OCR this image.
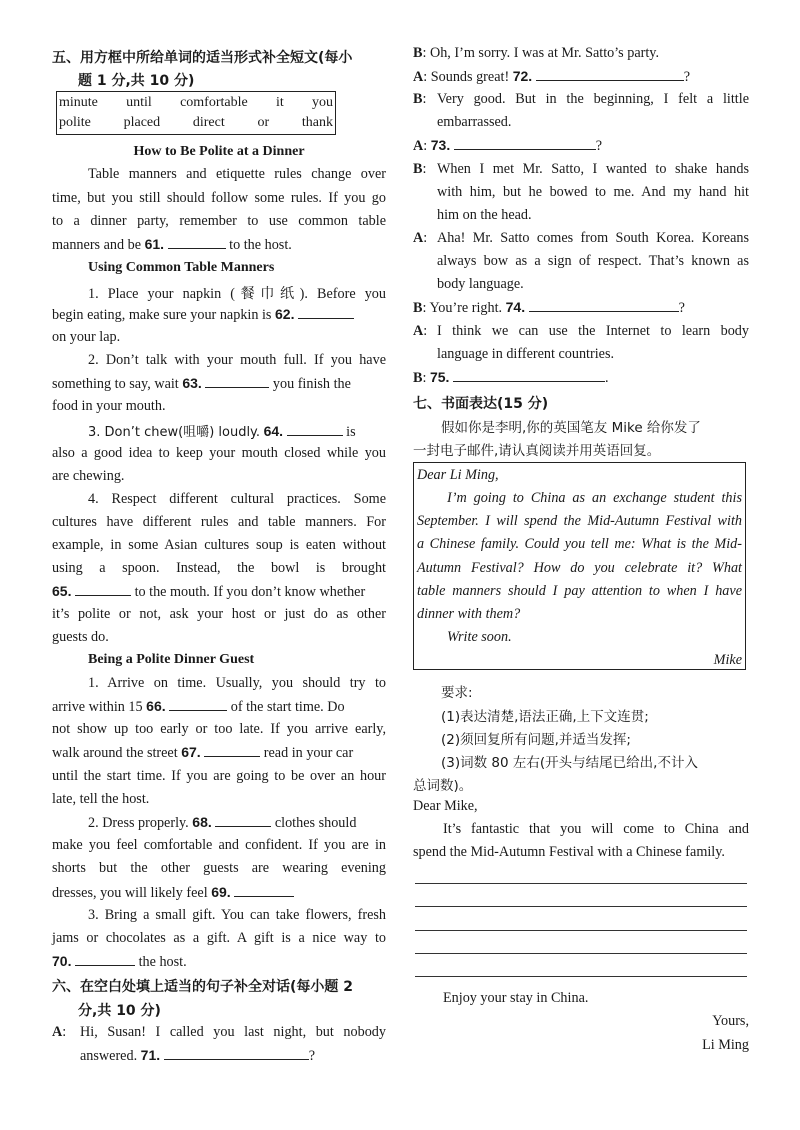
五、用方框中所给单词的适当形式补全短文(每小
题 1 分,共 10 分)
How to Be Polite at a Dinner
Table manners and etiquette rules change over
time, but you still should follow some rules. If you go
to a dinner party, remember to use common table
manners and be 61.	to the host.
Using Common Table Manners
1. Place your napkin (餐巾纸). Before you
begin eating, make sure your napkin is 62.
on your lap.
2. Don’t talk with your mouth full. If you have
something to say, wait 63.	you finish the
food in your mouth.
3. Don’t chew(咀嚼) loudly. 64.	is
also a good idea to keep your mouth closed while you
are chewing.
4. Respect different cultural practices. Some
cultures have different rules and table manners. For
example, in some Asian cultures soup is eaten without
using a spoon. Instead, the bowl is brought
65.	to the mouth. If you don’t know whether
it’s polite or not, ask your host or just do as other
guests do.
Being a Polite Dinner Guest
1. Arrive on time. Usually, you should try to
arrive within 15 66.	of the start time. Do
not show up too early or too late. If you arrive early,
walk around the street 67.	read in your car
until the start time. If you are going to be over an hour
late, tell the host.
2. Dress properly. 68.	clothes should
make you feel comfortable and confident. If you are in
shorts but the other guests are wearing evening
dresses, you will likely feel 69.
3. Bring a small gift. You can take flowers, fresh
jams or chocolates as a gift. A gift is a nice way to
70.	the host.
六、在空白处填上适当的句子补全对话(每小题 2
分,共 10 分)
Hi, Susan! I called you last night, but nobody
A:
answered. 71.	?
minute until comfortable it you
polite placed direct or thank
B: Oh, I’m sorry. I was at Mr. Satto’s party.
A: Sounds great! 72.	?
B: Very good. But in the beginning, I felt a little
embarrassed.
A: 73.	?
B: When I met Mr. Satto, I wanted to shake hands
with him, but he bowed to me. And my hand hit
him on the head.
A: Aha! Mr. Satto comes from South Korea. Koreans
always bow as a sign of respect. That’s known as
body language.
B: You’re right. 74.	?
A: I think we can use the Internet to learn body
language in different countries.
B: 75.	.
七、书面表达(15 分)
假如你是李明,你的英国笔友 Mike 给你发了
一封电子邮件,请认真阅读并用英语回复。
Dear Li Ming,
I’m going to China as an exchange student this
September. I will spend the Mid-Autumn Festival with
a Chinese family. Could you tell me: What is the Mid-
Autumn Festival? How do you celebrate it? What
table manners should I pay attention to when I have
dinner with them?
Write soon.
Mike
要求:
(1)表达清楚,语法正确,上下文连贯;
(2)须回复所有问题,并适当发挥;
(3)词数 80 左右(开头与结尾已给出,不计入
总词数)。
Dear Mike,
It’s fantastic that you will come to China and
spend the Mid-Autumn Festival with a Chinese family.
Enjoy your stay in China.
Yours,
Li Ming
